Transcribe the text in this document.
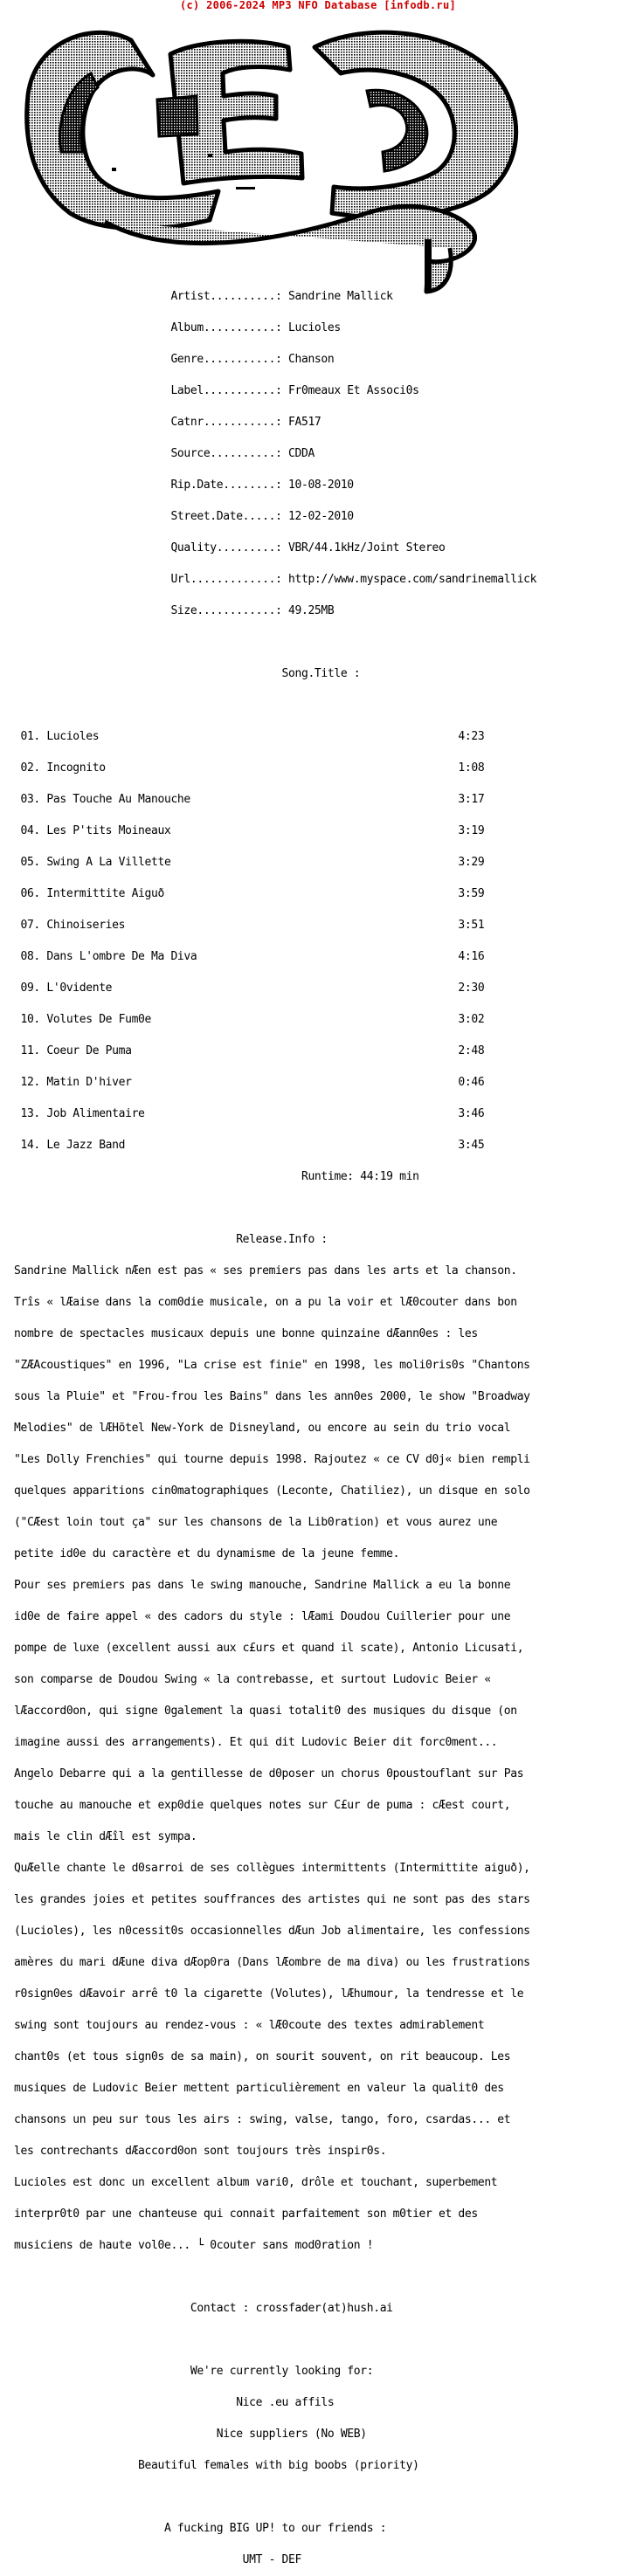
(c) 2006-2024 MP3 NFO Database [infodb.ru]

Artist..........: Sandrine Mallick

Album...........: Lucioles

Genre...........: Chanson

Label...........: Fr0meaux Et Associ0s

Catnr...........: FA517

Source..........: CDDA

Rip.Date........: 10-08-2010

Street.Date.....: 12-02-2010

Quality.........: VBR/44.1kHz/Joint Stereo

Url.............: http://www.myspace.com/sandrinemallick

Size............: 49.25MB

Song.Title :

01. Lucioles                                                       4:23

02. Incognito                                                      1:08

03. Pas Touche Au Manouche                                         3:17

04. Les P'tits Moineaux                                            3:19

05. Swing A La Villette                                            3:29

06. Intermittite Aiguð                                             3:59

07. Chinoiseries                                                   3:51

08. Dans L'ombre De Ma Diva                                        4:16

09. L'0vidente                                                     2:30

10. Volutes De Fum0e                                               3:02

11. Coeur De Puma                                                  2:48

12. Matin D'hiver                                                  0:46

13. Job Alimentaire                                                3:46

14. Le Jazz Band                                                   3:45

Runtime: 44:19 min

Release.Info :

Sandrine Mallick nÆen est pas « ses premiers pas dans les arts et la chanson.

Trîs « lÆaise dans la com0die musicale, on a pu la voir et lÆ0couter dans bon

nombre de spectacles musicaux depuis une bonne quinzaine dÆann0es : les

"ZÆAcoustiques" en 1996, "La crise est finie" en 1998, les moli0ris0s "Chantons

sous la Pluie" et "Frou-frou les Bains" dans les ann0es 2000, le show "Broadway

Melodies" de lÆHõtel New-York de Disneyland, ou encore au sein du trio vocal

"Les Dolly Frenchies" qui tourne depuis 1998. Rajoutez « ce CV d0j« bien rempli

quelques apparitions cin0matographiques (Leconte, Chatiliez), un disque en solo

("CÆest loin tout ça" sur les chansons de la Lib0ration) et vous aurez une

petite id0e du caractère et du dynamisme de la jeune femme.

Pour ses premiers pas dans le swing manouche, Sandrine Mallick a eu la bonne

id0e de faire appel « des cadors du style : lÆami Doudou Cuillerier pour une

pompe de luxe (excellent aussi aux c£urs et quand il scate), Antonio Licusati,

son comparse de Doudou Swing « la contrebasse, et surtout Ludovic Beier «

lÆaccord0on, qui signe 0galement la quasi totalit0 des musiques du disque (on

imagine aussi des arrangements). Et qui dit Ludovic Beier dit forc0ment...

Angelo Debarre qui a la gentillesse de d0poser un chorus 0poustouflant sur Pas

touche au manouche et exp0die quelques notes sur C£ur de puma : cÆest court,

mais le clin dÆîl est sympa.

QuÆelle chante le d0sarroi de ses collègues intermittents (Intermittite aiguð),

les grandes joies et petites souffrances des artistes qui ne sont pas des stars

(Lucioles), les n0cessit0s occasionnelles dÆun Job alimentaire, les confessions

amères du mari dÆune diva dÆop0ra (Dans lÆombre de ma diva) ou les frustrations

r0sign0es dÆavoir arrê t0 la cigarette (Volutes), lÆhumour, la tendresse et le

swing sont toujours au rendez-vous : « lÆ0coute des textes admirablement

chant0s (et tous sign0s de sa main), on sourit souvent, on rit beaucoup. Les

musiques de Ludovic Beier mettent particulièrement en valeur la qualit0 des

chansons un peu sur tous les airs : swing, valse, tango, foro, csardas... et

les contrechants dÆaccord0on sont toujours très inspir0s.

Lucioles est donc un excellent album vari0, drôle et touchant, superbement

interpr0t0 par une chanteuse qui connait parfaitement son m0tier et des

musiciens de haute vol0e... └ 0couter sans mod0ration !

Contact : crossfader(at)hush.ai

We're currently looking for:

Nice .eu affils

Nice suppliers (No WEB)

Beautiful females with big boobs (priority)

A fucking BIG UP! to our friends :

UMT - DEF
